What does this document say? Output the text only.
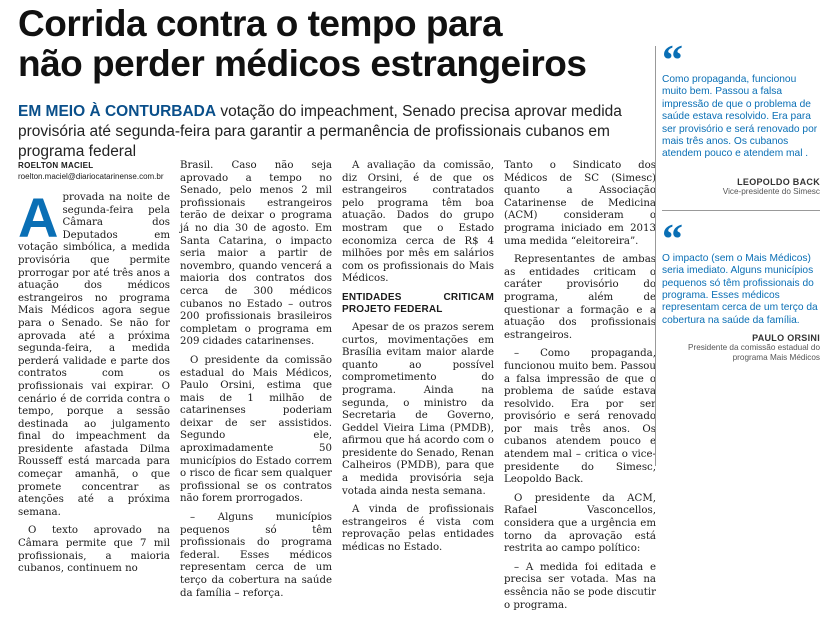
Corrida contra o tempo para
não perder médicos estrangeiros
EM MEIO À CONTURBADA votação do impeachment, Senado precisa aprovar medida provisória até segunda-feira para garantir a permanência de profissionais cubanos em programa federal
ROELTON MACIEL
roelton.maciel@diariocatarinense.com.br

Aprovada na noite de segunda-feira pela Câmara dos Deputados em votação simbólica, a medida provisória que permite prorrogar por até três anos a atuação dos médicos estrangeiros no programa Mais Médicos agora segue para o Senado. Se não for aprovada até a próxima segunda-feira, a medida perderá validade e parte dos contratos com os profissionais vai expirar. O cenário é de corrida contra o tempo, porque a sessão destinada ao julgamento final do impeachment da presidente afastada Dilma Rousseff está marcada para começar amanhã, o que promete concentrar as atenções até a próxima semana.

O texto aprovado na Câmara permite que 7 mil profissionais, a maioria cubanos, continuem no

Brasil. Caso não seja aprovado a tempo no Senado, pelo menos 2 mil profissionais estrangeiros terão de deixar o programa já no dia 30 de agosto. Em Santa Catarina, o impacto seria maior a partir de novembro, quando vencerá a maioria dos contratos dos cerca de 300 médicos cubanos no Estado – outros 200 profissionais brasileiros completam o programa em 209 cidades catarinenses.

O presidente da comissão estadual do Mais Médicos, Paulo Orsini, estima que mais de 1 milhão de catarinenses poderiam deixar de ser assistidos. Segundo ele, aproximadamente 50 municípios do Estado correm o risco de ficar sem qualquer profissional se os contratos não forem prorrogados.

– Alguns municípios pequenos só têm profissionais do programa federal. Esses médicos representam cerca de um terço da cobertura na saúde da família – reforça.

A avaliação da comissão, diz Orsini, é de que os estrangeiros contratados pelo programa têm boa atuação. Dados do grupo mostram que o Estado economiza cerca de R$ 4 milhões por mês em salários com os profissionais do Mais Médicos.

ENTIDADES CRITICAM PROJETO FEDERAL

Apesar de os prazos serem curtos, movimentações em Brasília evitam maior alarde quanto ao possível comprometimento do programa. Ainda na segunda, o ministro da Secretaria de Governo, Geddel Vieira Lima (PMDB), afirmou que há acordo com o presidente do Senado, Renan Calheiros (PMDB), para que a medida provisória seja votada ainda nesta semana.

A vinda de profissionais estrangeiros é vista com reprovação pelas entidades médicas no Estado.

Tanto o Sindicato dos Médicos de SC (Simesc) quanto a Associação Catarinense de Medicina (ACM) consideram o programa iniciado em 2013 uma medida “eleitoreira”.

Representantes de ambas as entidades criticam o caráter provisório do programa, além de questionar a formação e a atuação dos profissionais estrangeiros.

– Como propaganda, funcionou muito bem. Passou a falsa impressão de que o problema de saúde estava resolvido. Era por ser provisório e será renovado por mais três anos. Os cubanos atendem pouco e atendem mal – critica o vice-presidente do Simesc, Leopoldo Back.

O presidente da ACM, Rafael Vasconcellos, considera que a urgência em torno da aprovação está restrita ao campo político:

– A medida foi editada e precisa ser votada. Mas na essência não se pode discutir o programa.

“
Como propaganda, funcionou muito bem. Passou a falsa impressão de que o problema de saúde estava resolvido. Era para ser provisório e será renovado por mais três anos. Os cubanos atendem pouco e atendem mal .
LEOPOLDO BACK
Vice-presidente do Simesc
“
O impacto (sem o Mais Médicos) seria imediato. Alguns municípios pequenos só têm profissionais do programa. Esses médicos representam cerca de um terço da cobertura na saúde da família.
PAULO ORSINI
Presidente da comissão estadual do programa Mais Médicos
